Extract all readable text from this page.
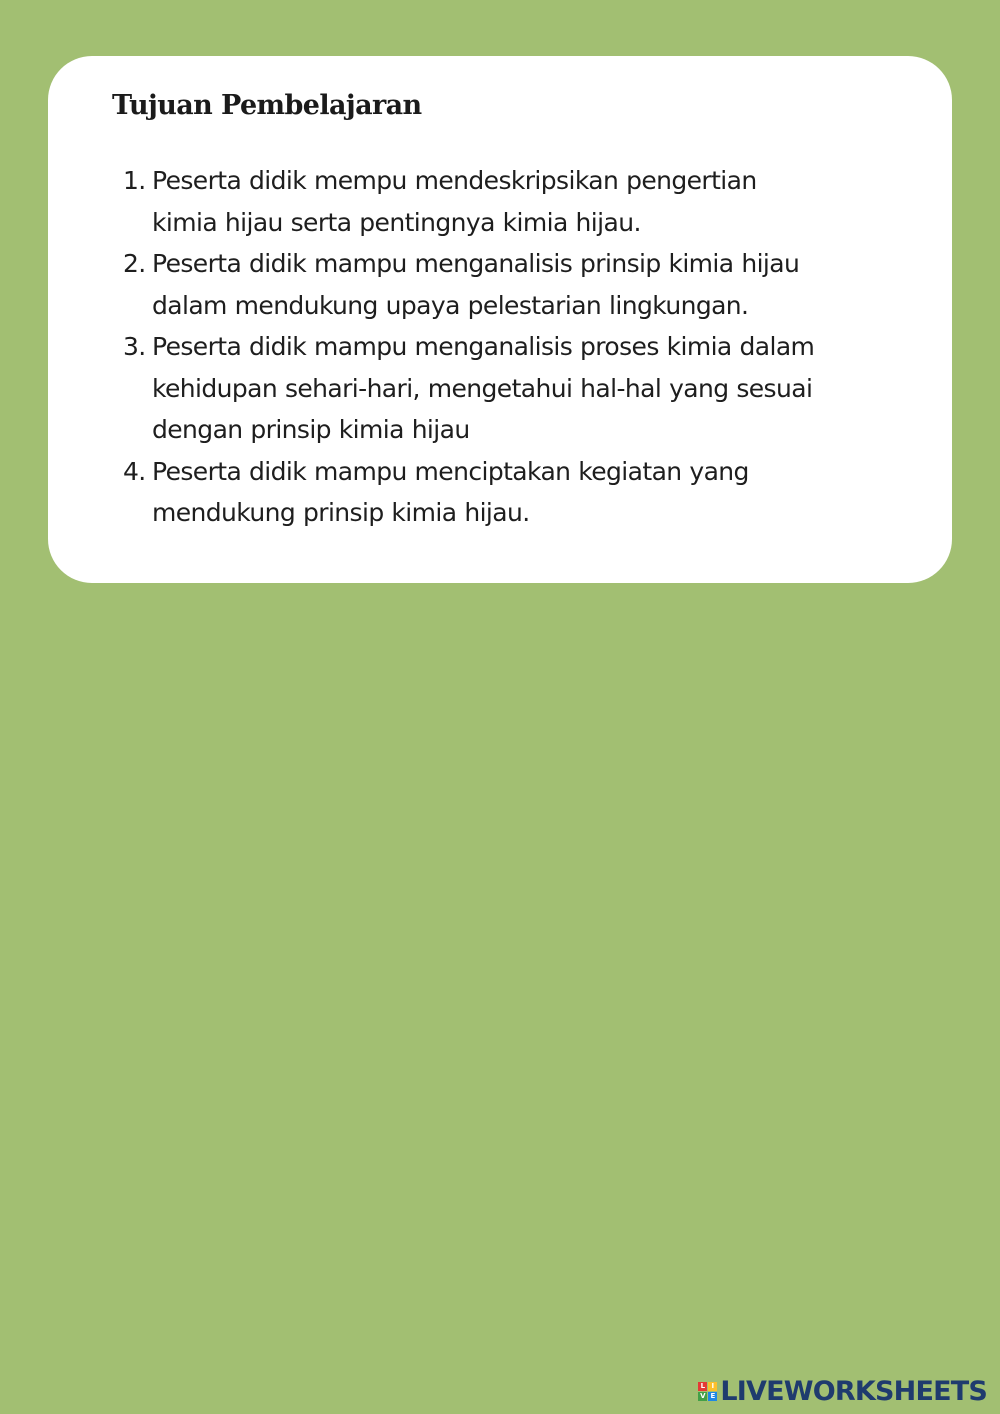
Tujuan Pembelajaran
1. Peserta didik mempu mendeskripsikan pengertian
kimia hijau serta pentingnya kimia hijau.
2. Peserta didik mampu menganalisis prinsip kimia hijau
dalam mendukung upaya pelestarian lingkungan.
3. Peserta didik mampu menganalisis proses kimia dalam
kehidupan sehari-hari, mengetahui hal-hal yang sesuai
dengan prinsip kimia hijau
4. Peserta didik mampu menciptakan kegiatan yang
mendukung prinsip kimia hijau.
L I
V E LIVEWORKSHEETS
